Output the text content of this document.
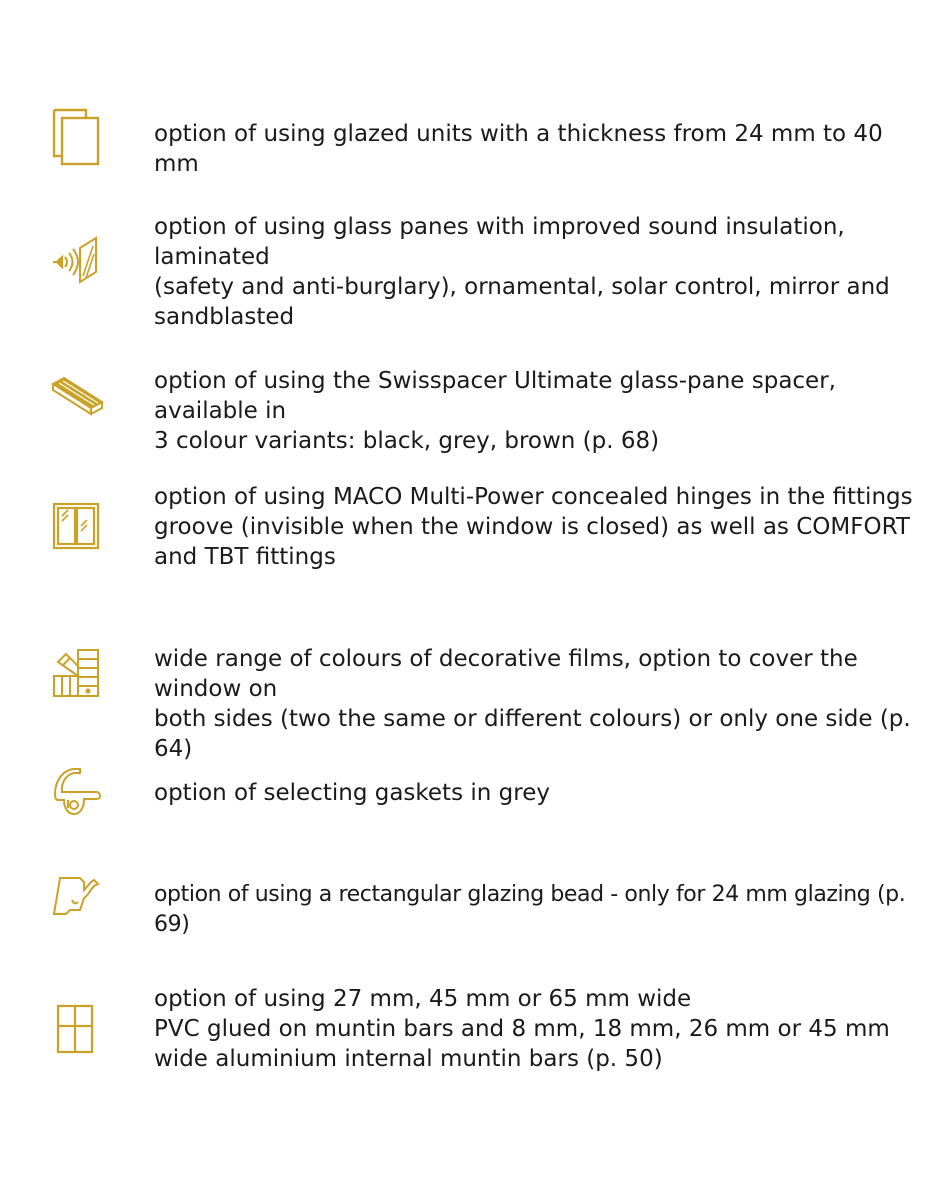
option of using glazed units with a thickness from 24 mm to 40 mm
option of using glass panes with improved sound insulation, laminated
(safety and anti-burglary), ornamental, solar control, mirror and
sandblasted
option of using the Swisspacer Ultimate glass-pane spacer, available in
3 colour variants: black, grey, brown (p. 68)
option of using MACO Multi-Power concealed hinges in the fittings
groove (invisible when the window is closed) as well as COMFORT
and TBT fittings
wide range of colours of decorative films, option to cover the window on
both sides (two the same or different colours) or only one side (p. 64)
option of selecting gaskets in grey
option of using a rectangular glazing bead - only for 24 mm glazing (p. 69)
option of using 27 mm, 45 mm or 65 mm wide
PVC glued on muntin bars and 8 mm, 18 mm, 26 mm or 45 mm
wide aluminium internal muntin bars (p. 50)
